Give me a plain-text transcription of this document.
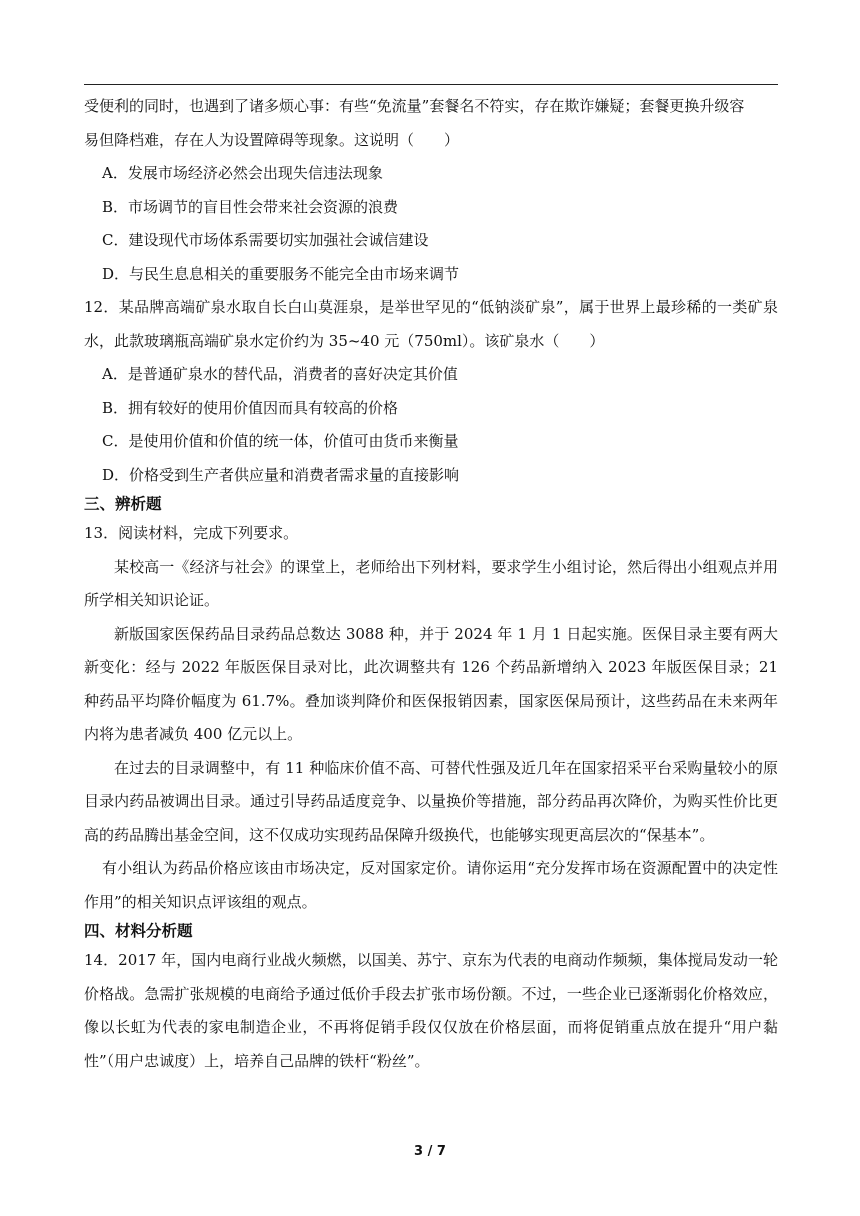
受便利的同时，也遇到了诸多烦心事：有些“免流量”套餐名不符实，存在欺诈嫌疑；套餐更换升级容

易但降档难，存在人为设置障碍等现象。这说明（　　）

A．发展市场经济必然会出现失信违法现象

B．市场调节的盲目性会带来社会资源的浪费

C．建设现代市场体系需要切实加强社会诚信建设

D．与民生息息相关的重要服务不能完全由市场来调节

12．某品牌高端矿泉水取自长白山莫涯泉，是举世罕见的“低钠淡矿泉”，属于世界上最珍稀的一类矿泉水，此款玻璃瓶高端矿泉水定价约为 35~40 元（750ml）。该矿泉水（　　）

A．是普通矿泉水的替代品，消费者的喜好决定其价值

B．拥有较好的使用价值因而具有较高的价格

C．是使用价值和价值的统一体，价值可由货币来衡量

D．价格受到生产者供应量和消费者需求量的直接影响

三、辨析题

13．阅读材料，完成下列要求。

某校高一《经济与社会》的课堂上，老师给出下列材料，要求学生小组讨论，然后得出小组观点并用所学相关知识论证。

新版国家医保药品目录药品总数达 3088 种，并于 2024 年 1 月 1 日起实施。医保目录主要有两大新变化：经与 2022 年版医保目录对比，此次调整共有 126 个药品新增纳入 2023 年版医保目录；21 种药品平均降价幅度为 61.7%。叠加谈判降价和医保报销因素，国家医保局预计，这些药品在未来两年内将为患者减负 400 亿元以上。

在过去的目录调整中，有 11 种临床价值不高、可替代性强及近几年在国家招采平台采购量较小的原目录内药品被调出目录。通过引导药品适度竞争、以量换价等措施，部分药品再次降价，为购买性价比更高的药品腾出基金空间，这不仅成功实现药品保障升级换代，也能够实现更高层次的“保基本”。

有小组认为药品价格应该由市场决定，反对国家定价。请你运用“充分发挥市场在资源配置中的决定性作用”的相关知识点评该组的观点。

四、材料分析题

14．2017 年，国内电商行业战火频燃，以国美、苏宁、京东为代表的电商动作频频，集体搅局发动一轮价格战。急需扩张规模的电商给予通过低价手段去扩张市场份额。不过，一些企业已逐渐弱化价格效应，像以长虹为代表的家电制造企业，不再将促销手段仅仅放在价格层面，而将促销重点放在提升“用户黏性”（用户忠诚度）上，培养自己品牌的铁杆“粉丝”。

3 / 7
